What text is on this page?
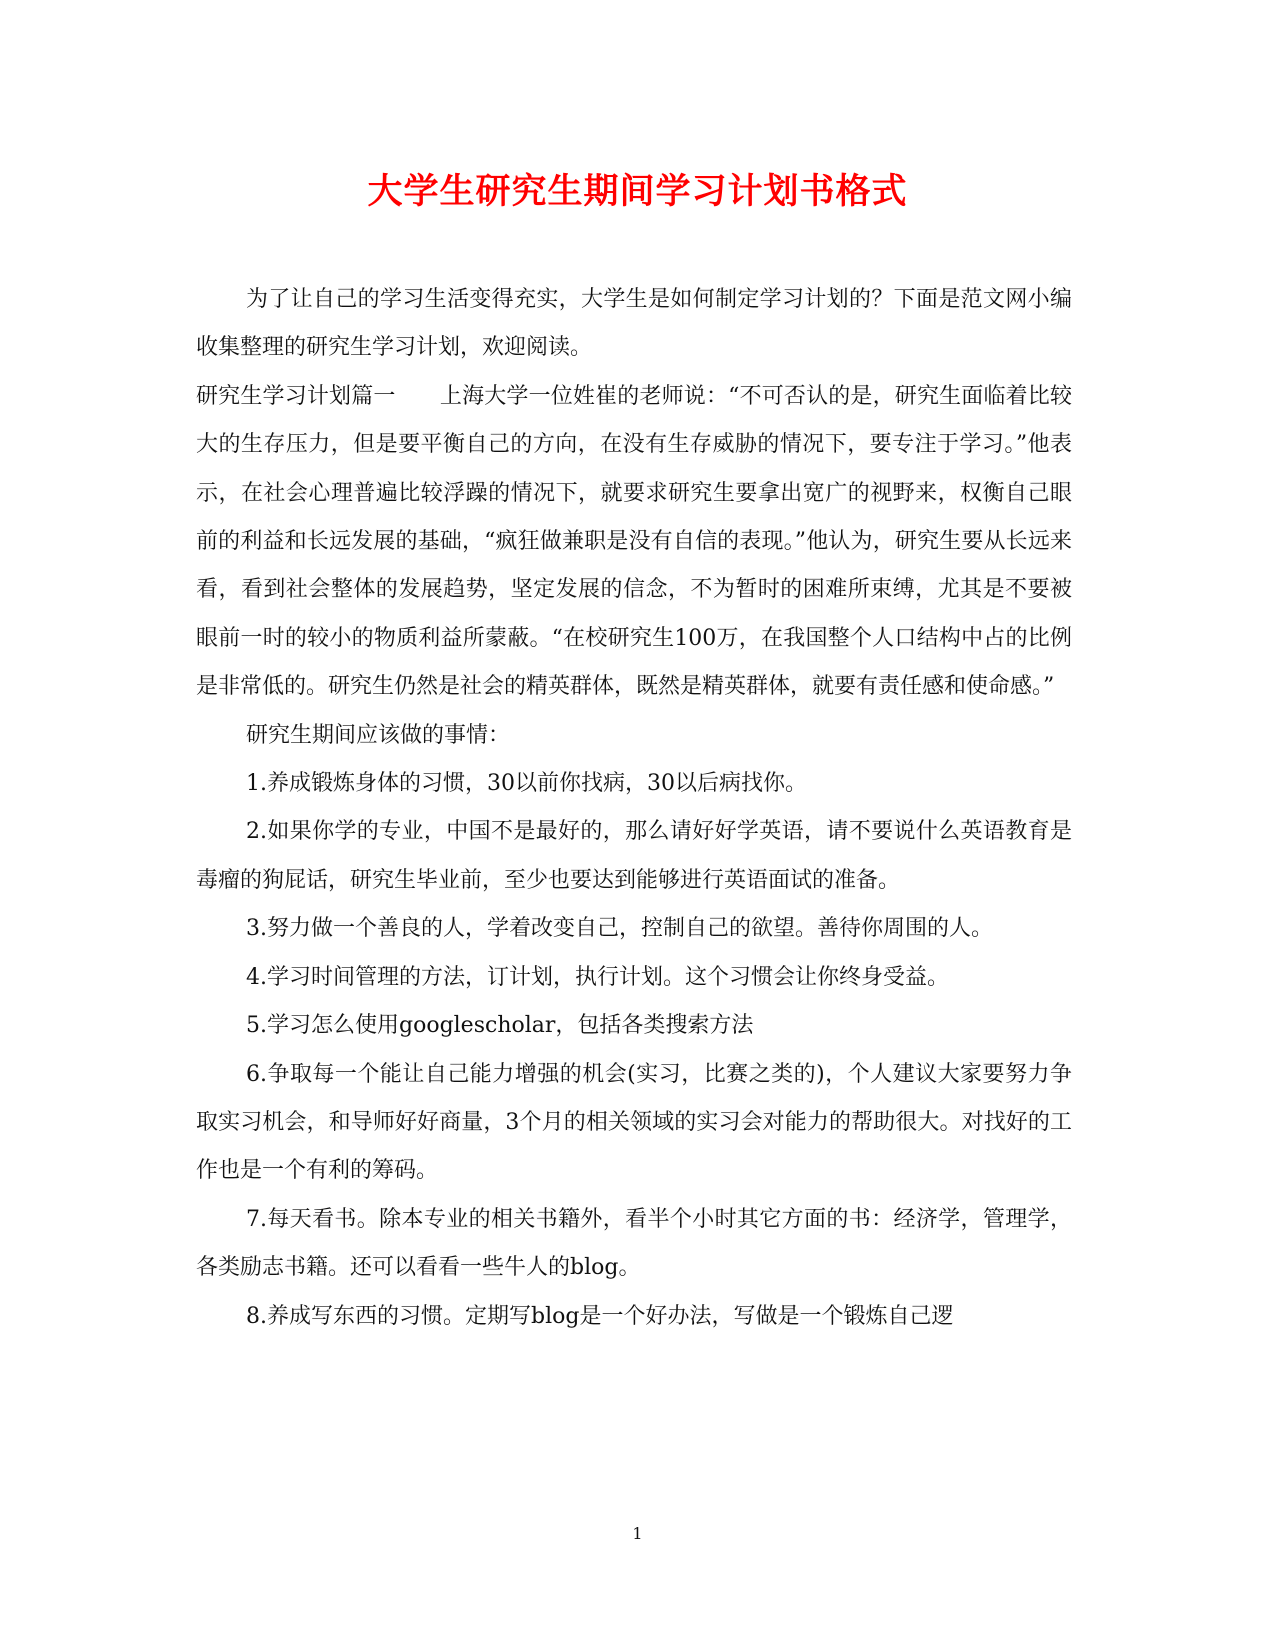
大学生研究生期间学习计划书格式

为了让自己的学习生活变得充实，大学生是如何制定学习计划的？下面是范文网小编收集整理的研究生学习计划，欢迎阅读。

研究生学习计划篇一　　上海大学一位姓崔的老师说：“不可否认的是，研究生面临着比较大的生存压力，但是要平衡自己的方向，在没有生存威胁的情况下，要专注于学习。”他表示，在社会心理普遍比较浮躁的情况下，就要求研究生要拿出宽广的视野来，权衡自己眼前的利益和长远发展的基础，“疯狂做兼职是没有自信的表现。”他认为，研究生要从长远来看，看到社会整体的发展趋势，坚定发展的信念，不为暂时的困难所束缚，尤其是不要被眼前一时的较小的物质利益所蒙蔽。“在校研究生100万，在我国整个人口结构中占的比例是非常低的。研究生仍然是社会的精英群体，既然是精英群体，就要有责任感和使命感。”

研究生期间应该做的事情：

1.养成锻炼身体的习惯，30以前你找病，30以后病找你。

2.如果你学的专业，中国不是最好的，那么请好好学英语，请不要说什么英语教育是毒瘤的狗屁话，研究生毕业前，至少也要达到能够进行英语面试的准备。

3.努力做一个善良的人，学着改变自己，控制自己的欲望。善待你周围的人。

4.学习时间管理的方法，订计划，执行计划。这个习惯会让你终身受益。

5.学习怎么使用googlescholar，包括各类搜索方法

6.争取每一个能让自己能力增强的机会(实习，比赛之类的)，个人建议大家要努力争取实习机会，和导师好好商量，3个月的相关领域的实习会对能力的帮助很大。对找好的工作也是一个有利的筹码。

7.每天看书。除本专业的相关书籍外，看半个小时其它方面的书：经济学，管理学，各类励志书籍。还可以看看一些牛人的blog。

8.养成写东西的习惯。定期写blog是一个好办法，写做是一个锻炼自己逻

1
